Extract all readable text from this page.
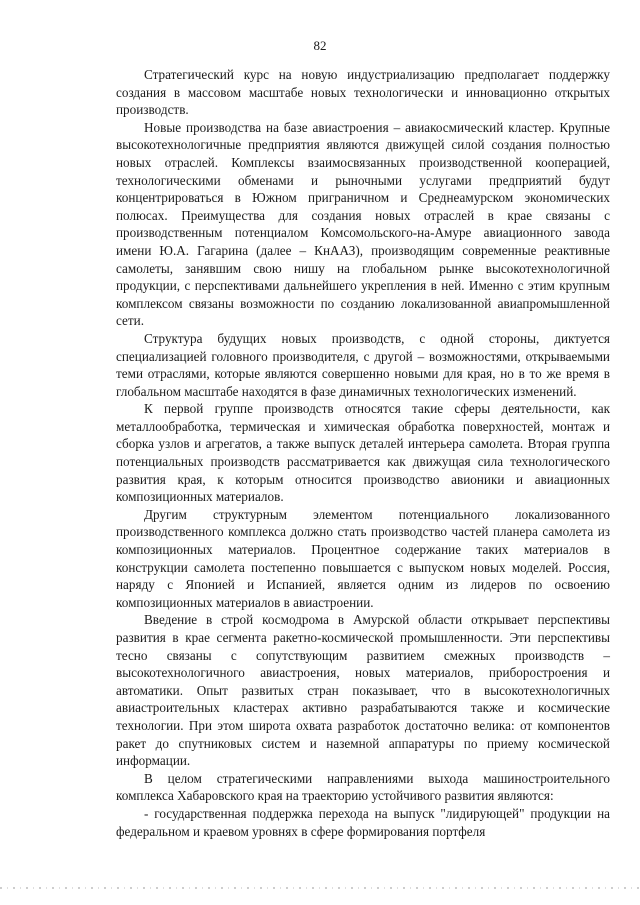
82

Стратегический курс на новую индустриализацию предполагает поддержку создания в массовом масштабе новых технологически и инновационно открытых производств.

Новые производства на базе авиастроения – авиакосмический кластер. Крупные высокотехнологичные предприятия являются движущей силой создания полностью новых отраслей. Комплексы взаимосвязанных производственной кооперацией, технологическими обменами и рыночными услугами предприятий будут концентрироваться в Южном приграничном и Среднеамурском экономических полюсах. Преимущества для создания новых отраслей в крае связаны с производственным потенциалом Комсомольского-на-Амуре авиационного завода имени Ю.А. Гагарина (далее – КнААЗ), производящим современные реактивные самолеты, занявшим свою нишу на глобальном рынке высокотехнологичной продукции, с перспективами дальнейшего укрепления в ней. Именно с этим крупным комплексом связаны возможности по созданию локализованной авиапромышленной сети.

Структура будущих новых производств, с одной стороны, диктуется специализацией головного производителя, с другой – возможностями, открываемыми теми отраслями, которые являются совершенно новыми для края, но в то же время в глобальном масштабе находятся в фазе динамичных технологических изменений.

К первой группе производств относятся такие сферы деятельности, как металлообработка, термическая и химическая обработка поверхностей, монтаж и сборка узлов и агрегатов, а также выпуск деталей интерьера самолета. Вторая группа потенциальных производств рассматривается как движущая сила технологического развития края, к которым относится производство авионики и авиационных композиционных материалов.

Другим структурным элементом потенциального локализованного производственного комплекса должно стать производство частей планера самолета из композиционных материалов. Процентное содержание таких материалов в конструкции самолета постепенно повышается с выпуском новых моделей. Россия, наряду с Японией и Испанией, является одним из лидеров по освоению композиционных материалов в авиастроении.

Введение в строй космодрома в Амурской области открывает перспективы развития в крае сегмента ракетно-космической промышленности. Эти перспективы тесно связаны с сопутствующим развитием смежных производств – высокотехнологичного авиастроения, новых материалов, приборостроения и автоматики. Опыт развитых стран показывает, что в высокотехнологичных авиастроительных кластерах активно разрабатываются также и космические технологии. При этом широта охвата разработок достаточно велика: от компонентов ракет до спутниковых систем и наземной аппаратуры по приему космической информации.

В целом стратегическими направлениями выхода машиностроительного комплекса Хабаровского края на траекторию устойчивого развития являются:

- государственная поддержка перехода на выпуск "лидирующей" продукции на федеральном и краевом уровнях в сфере формирования портфеля
